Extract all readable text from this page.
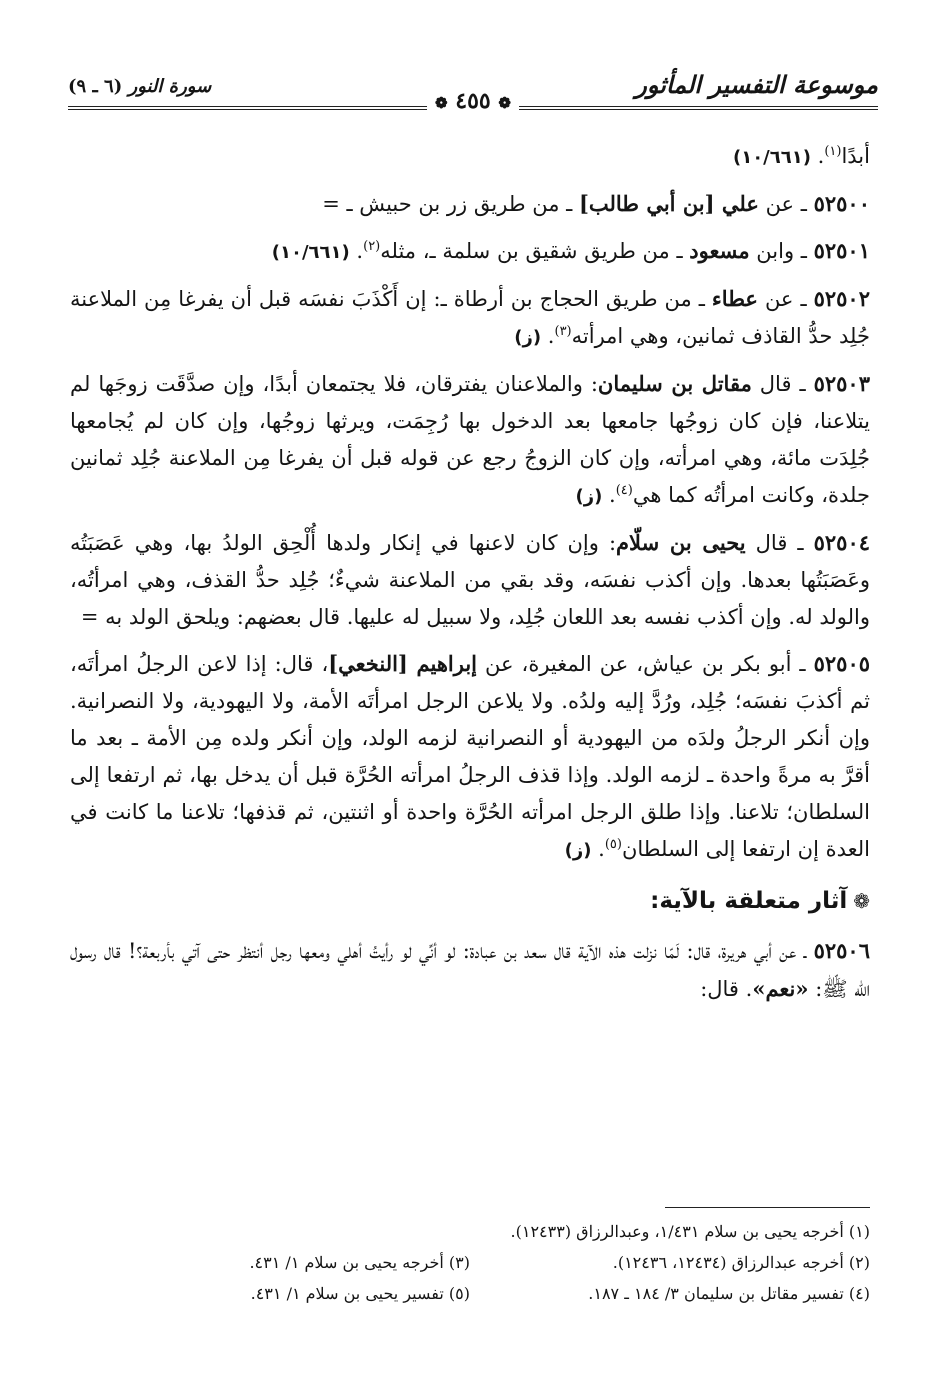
موسوعة التفسير المأثور
سورة النور (٦ ـ ٩)
❁ ٤٥٥ ❁

أبدًا$^{(١)}$. (١٠/٦٦١)

٥٢٥٠٠ ـ عن علي [بن أبي طالب] ـ من طريق زر بن حبيش ـ =

٥٢٥٠١ ـ وابن مسعود ـ من طريق شقيق بن سلمة ـ، مثله$^{(٢)}$. (١٠/٦٦١)

٥٢٥٠٢ ـ عن عطاء ـ من طريق الحجاج بن أرطاة ـ: إن أَكْذَبَ نفسَه قبل أن يفرغا مِن الملاعنة جُلِد حدُّ القاذف ثمانين، وهي امرأته$^{(٣)}$. (ز)

٥٢٥٠٣ ـ قال مقاتل بن سليمان: والملاعنان يفترقان، فلا يجتمعان أبدًا، وإن صدَّقَت زوجَها لم يتلاعنا، فإن كان زوجُها جامعها بعد الدخول بها رُجِمَت، ويرثها زوجُها، وإن كان لم يُجامعها جُلِدَت مائة، وهي امرأته، وإن كان الزوجُ رجع عن قوله قبل أن يفرغا مِن الملاعنة جُلِد ثمانين جلدة، وكانت امرأتُه كما هي$^{(٤)}$. (ز)

٥٢٥٠٤ ـ قال يحيى بن سلّام: وإن كان لاعنها في إنكار ولدها أُلْحِق الولدُ بها، وهي عَصَبَتُه وعَصَبَتُها بعدها. وإن أكذب نفسَه، وقد بقي من الملاعنة شيءٌ؛ جُلِد حدُّ القذف، وهي امرأتُه، والولد له. وإن أكذب نفسه بعد اللعان جُلِد، ولا سبيل له عليها. قال بعضهم: ويلحق الولد به =

٥٢٥٠٥ ـ أبو بكر بن عياش، عن المغيرة، عن إبراهيم [النخعي]، قال: إذا لاعن الرجلُ امرأتَه، ثم أكذبَ نفسَه؛ جُلِد، ورُدَّ إليه ولدُه. ولا يلاعن الرجل امرأتَه الأمة، ولا اليهودية، ولا النصرانية. وإن أنكر الرجلُ ولدَه من اليهودية أو النصرانية لزمه الولد، وإن أنكر ولده مِن الأمة ـ بعد ما أقرَّ به مرةً واحدة ـ لزمه الولد. وإذا قذف الرجلُ امرأته الحُرَّة قبل أن يدخل بها، ثم ارتفعا إلى السلطان؛ تلاعنا. وإذا طلق الرجل امرأته الحُرَّة واحدة أو اثنتين، ثم قذفها؛ تلاعنا ما كانت في العدة إن ارتفعا إلى السلطان$^{(٥)}$. (ز)

❁آثار متعلقة بالآية:

٥٢٥٠٦ ـ عن أبي هريرة، قال: لَمّا نزلت هذه الآية قال سعد بن عبادة: لو أنِّي لو رأيتُ أهلي ومعها رجل أنتظر حتى آتي بأربعة؟! قال رسول الله ﷺ: «نعم». قال:

(١) أخرجه يحيى بن سلام ١/٤٣١، وعبدالرزاق (١٢٤٣٣).
(٢) أخرجه عبدالرزاق (١٢٤٣٤، ١٢٤٣٦).
(٣) أخرجه يحيى بن سلام ١/ ٤٣١.
(٤) تفسير مقاتل بن سليمان ٣/ ١٨٤ ـ ١٨٧.
(٥) تفسير يحيى بن سلام ١/ ٤٣١.
